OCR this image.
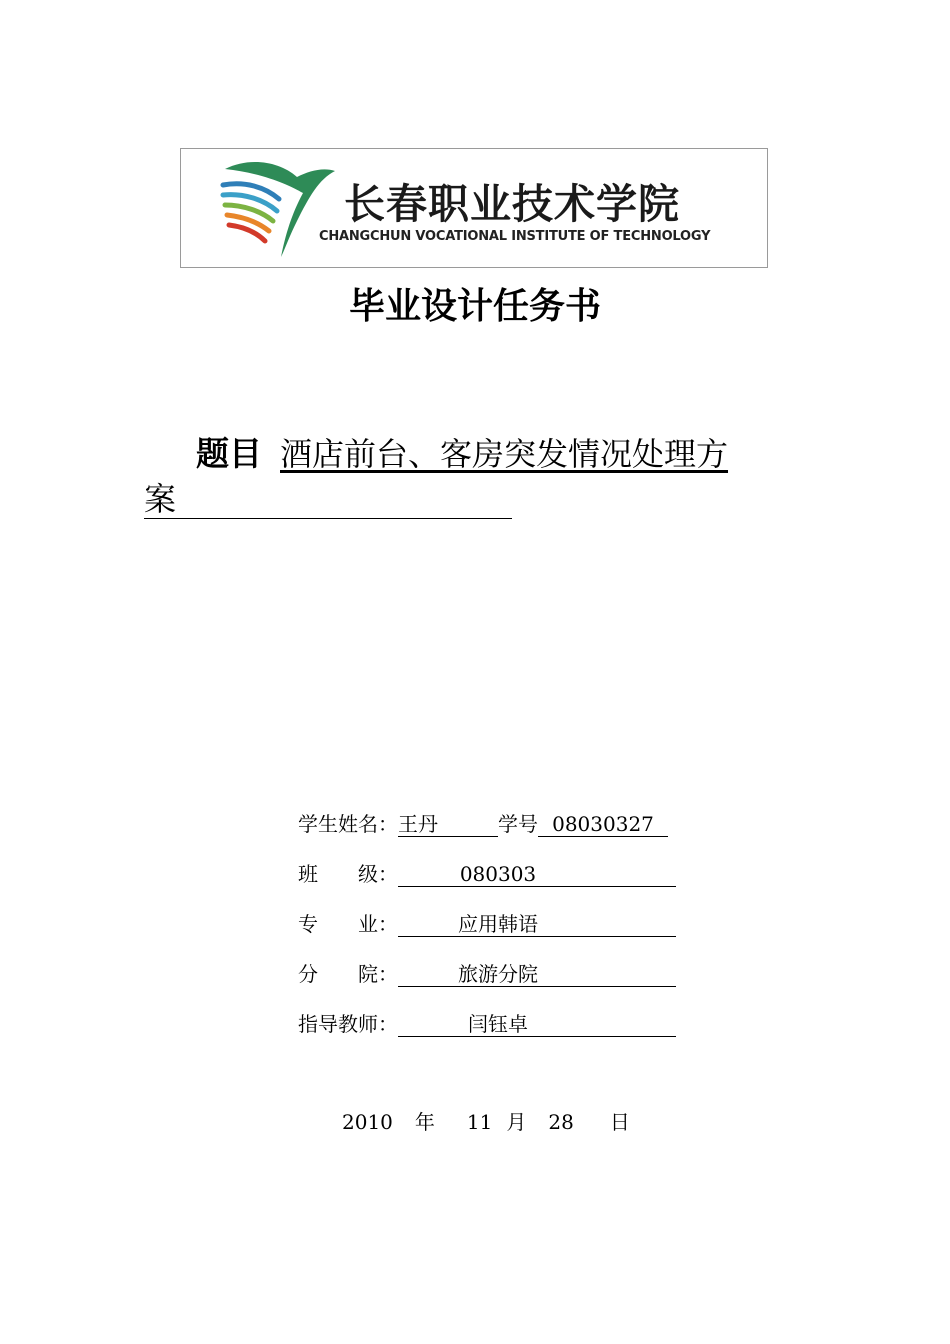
长春职业技术学院
CHANGCHUN VOCATIONAL INSTITUTE OF TECHNOLOGY
毕业设计任务书
题目 酒店前台、客房突发情况处理方
案
学生姓名：王丹	学号 08030327
班　　级：	080303
专　　业：	应用韩语
分　　院：	旅游分院
指导教师：	闫钰卓
2010 年 11 月 28 日
